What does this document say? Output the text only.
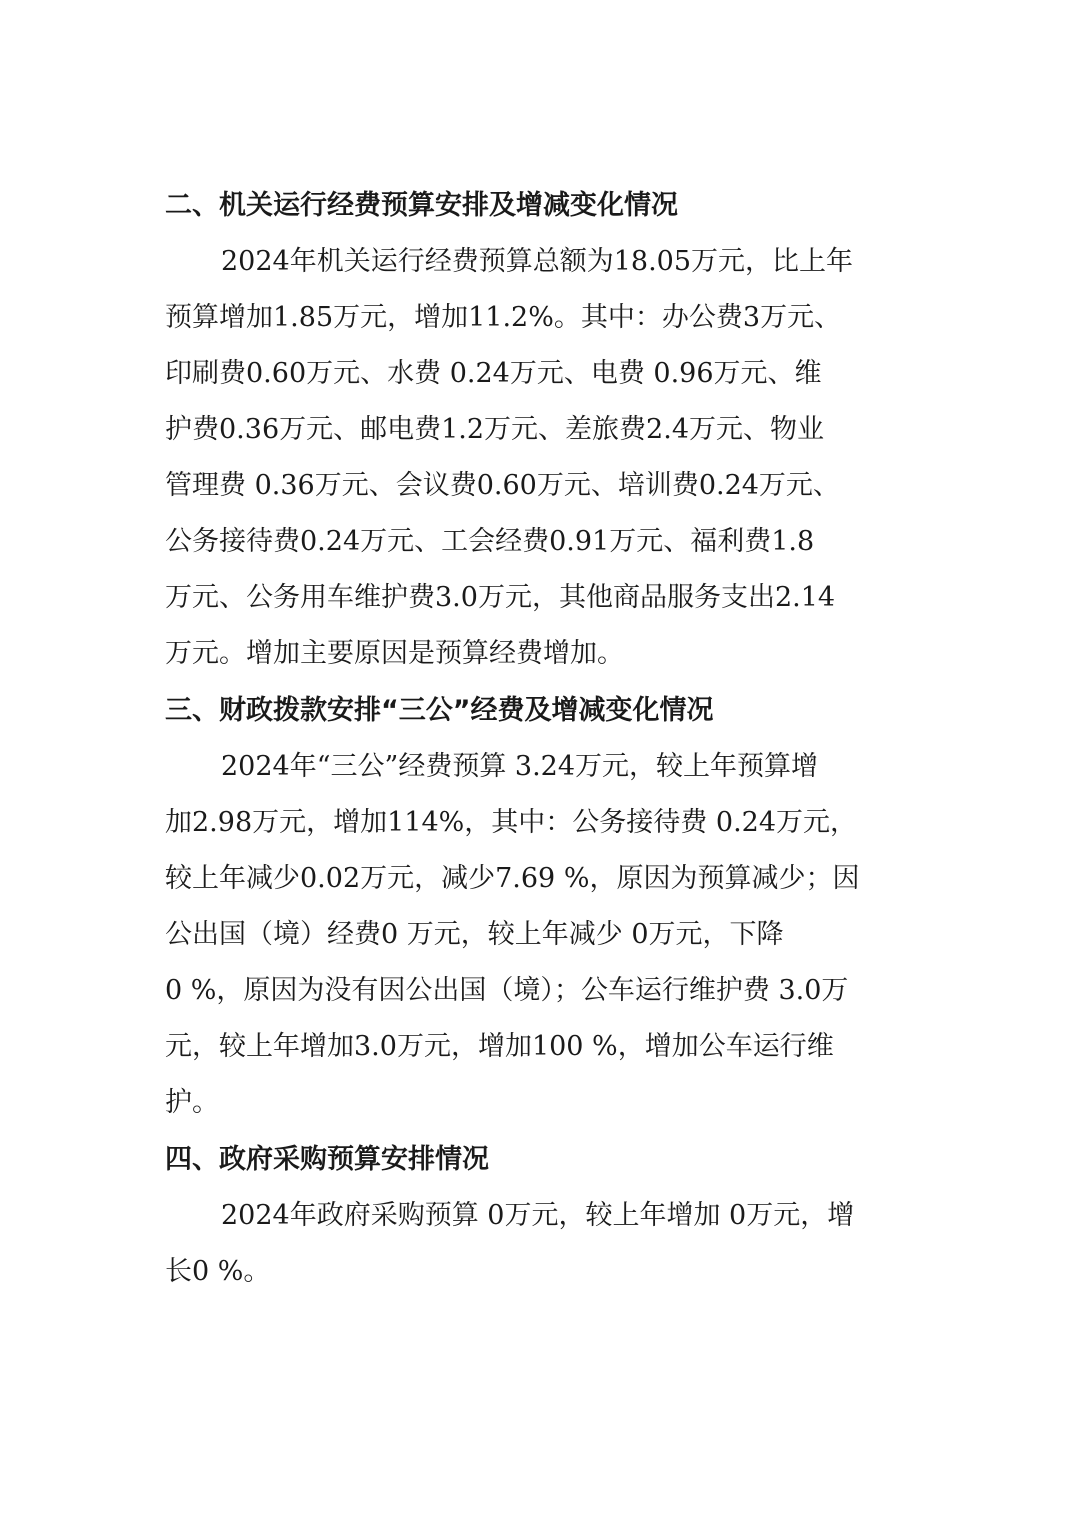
二、机关运行经费预算安排及增减变化情况
2024年机关运行经费预算总额为18.05万元，比上年
预算增加1.85万元，增加11.2%。其中：办公费3万元、
印刷费0.60万元、水费 0.24万元、电费 0.96万元、维
护费0.36万元、邮电费1.2万元、差旅费2.4万元、物业
管理费 0.36万元、会议费0.60万元、培训费0.24万元、
公务接待费0.24万元、工会经费0.91万元、福利费1.8
万元、公务用车维护费3.0万元，其他商品服务支出2.14
万元。增加主要原因是预算经费增加。
三、财政拨款安排“三公”经费及增减变化情况
2024年“三公”经费预算 3.24万元，较上年预算增
加2.98万元，增加114%，其中：公务接待费 0.24万元，
较上年减少0.02万元，减少7.69 %，原因为预算减少；因
公出国（境）经费0 万元，较上年减少 0万元，下降
0 %，原因为没有因公出国（境）；公车运行维护费 3.0万
元，较上年增加3.0万元，增加100 %，增加公车运行维
护。
四、政府采购预算安排情况
2024年政府采购预算 0万元，较上年增加 0万元，增
长0 %。
